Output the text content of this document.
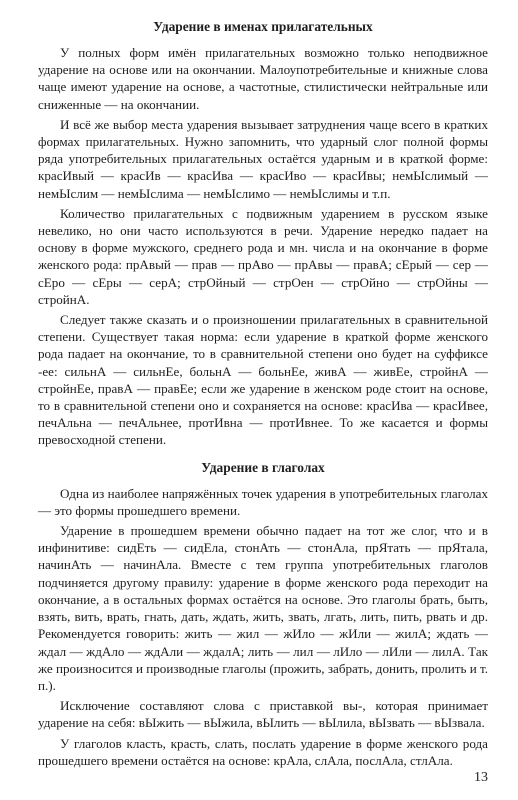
Ударение в именах прилагательных

У полных форм имён прилагательных возможно только неподвижное ударение на основе или на окончании. Малоупотребительные и книжные слова чаще имеют ударение на основе, а частотные, стилистически нейтральные или сниженные — на окончании.

И всё же выбор места ударения вызывает затруднения чаще всего в кратких формах прилагательных. Нужно запомнить, что ударный слог полной формы ряда употребительных прилагательных остаётся ударным и в краткой форме: красИвый — красИв — красИва — красИво — красИвы; немЫслимый — немЫслим — немЫслима — немЫслимо — немЫслимы и т.п.

Количество прилагательных с подвижным ударением в русском языке невелико, но они часто используются в речи. Ударение нередко падает на основу в форме мужского, среднего рода и мн. числа и на окончание в форме женского рода: прАвый — прав — прАво — прАвы — правА; сЕрый — сер — сЕро — сЕры — серА; стрОйный — стрОен — стрОйно — стрОйны — стройнА.

Следует также сказать и о произношении прилагательных в сравнительной степени. Существует такая норма: если ударение в краткой форме женского рода падает на окончание, то в сравнительной степени оно будет на суффиксе -ее: сильнА — сильнЕе, больнА — больнЕе, живА — живЕе, стройнА — стройнЕе, правА — правЕе; если же ударение в женском роде стоит на основе, то в сравнительной степени оно и сохраняется на основе: красИва — красИвее, печАльна — печАльнее, протИвна — протИвнее. То же касается и формы превосходной степени.

Ударение в глаголах

Одна из наиболее напряжённых точек ударения в употребительных глаголах — это формы прошедшего времени.

Ударение в прошедшем времени обычно падает на тот же слог, что и в инфинитиве: сидЕть — сидЕла, стонАть — стонАла, прЯтать — прЯтала, начинАть — начинАла. Вместе с тем группа употребительных глаголов подчиняется другому правилу: ударение в форме женского рода переходит на окончание, а в остальных формах остаётся на основе. Это глаголы брать, быть, взять, вить, врать, гнать, дать, ждать, жить, звать, лгать, лить, пить, рвать и др. Рекомендуется говорить: жить — жил — жИло — жИли — жилА; ждать — ждал — ждАло — ждАли — ждалА; лить — лил — лИло — лИли — лилА. Так же произносится и производные глаголы (прожить, забрать, донить, пролить и т. п.).

Исключение составляют слова с приставкой вы-, которая принимает ударение на себя: вЫжить — вЫжила, вЫлить — вЫлила, вЫзвать — вЫзвала.

У глаголов класть, красть, слать, послать ударение в форме женского рода прошедшего времени остаётся на основе: крАла, слАла, послАла, стлАла.

13
